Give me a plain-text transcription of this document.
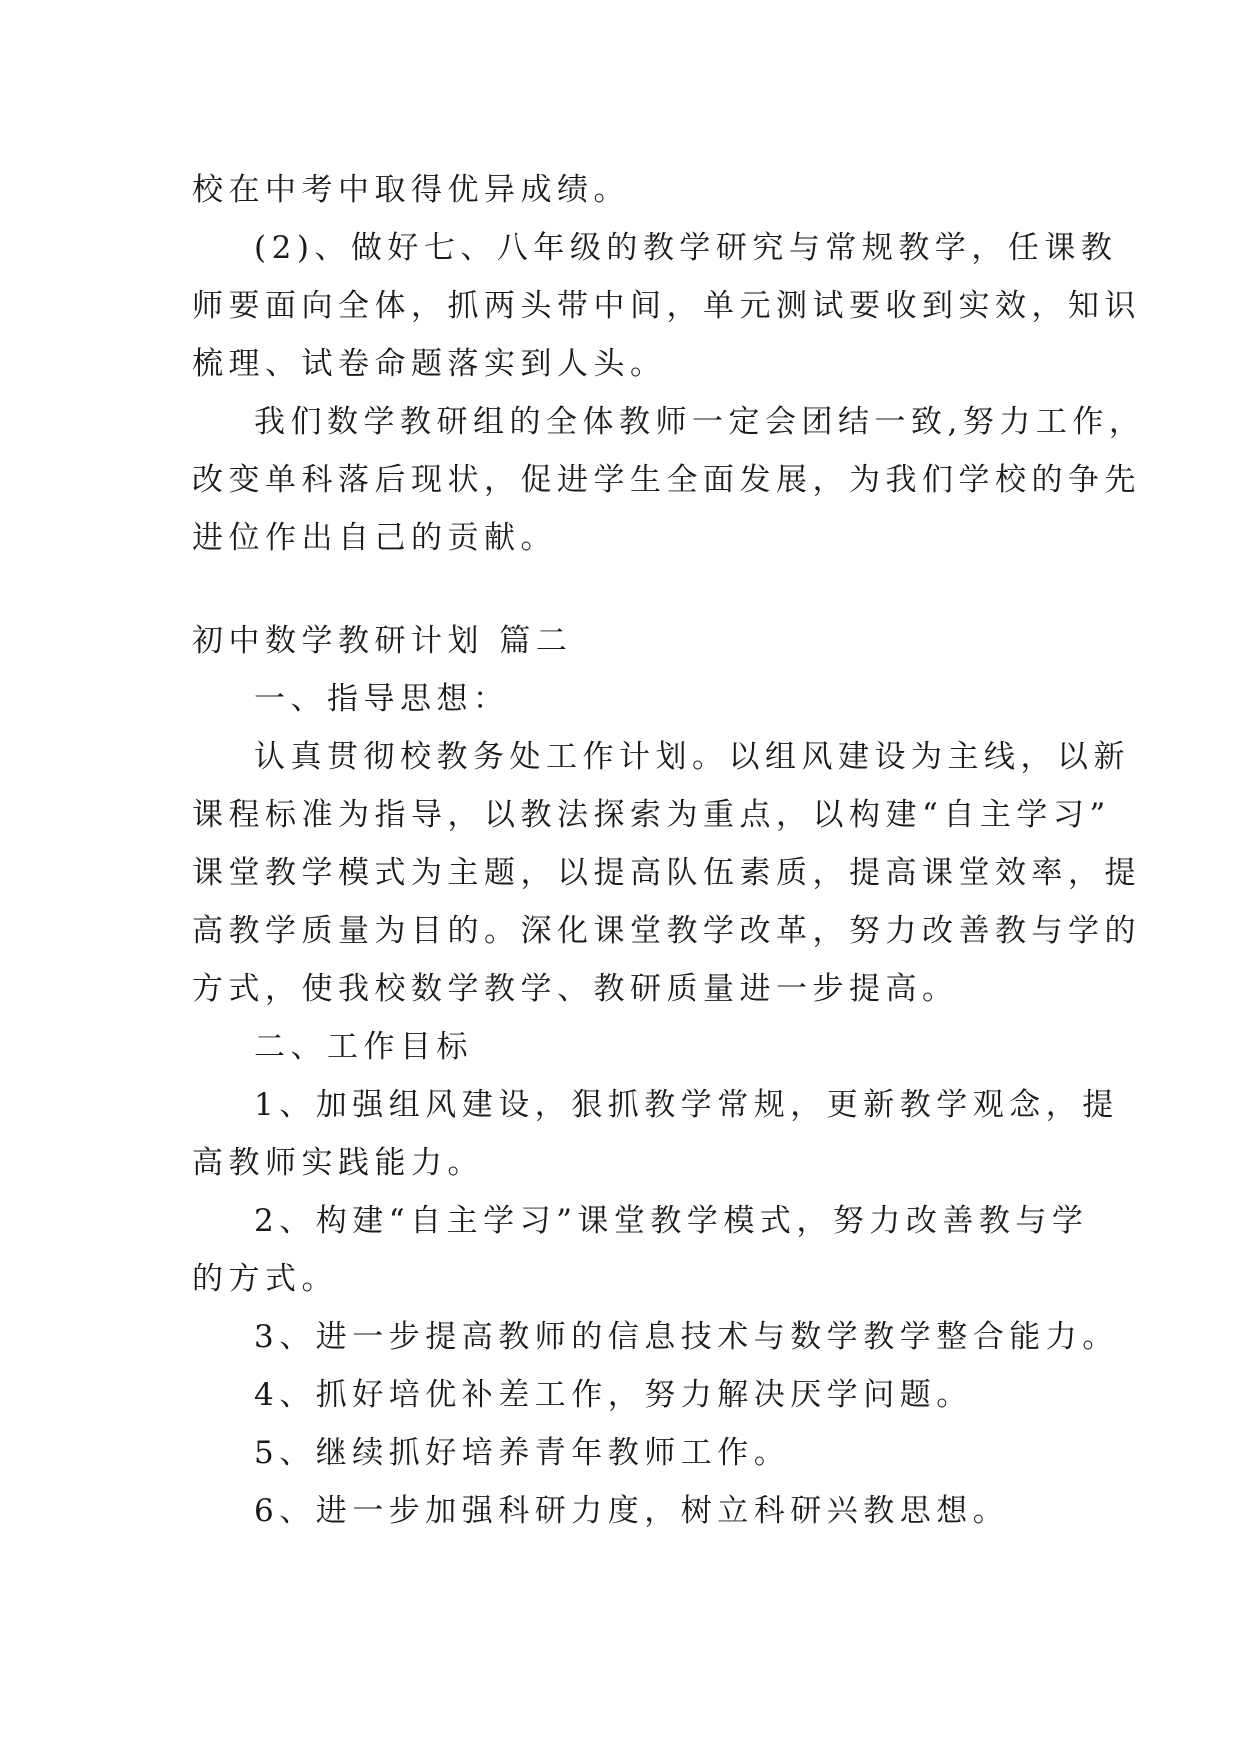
校在中考中取得优异成绩。
(2)、做好七、八年级的教学研究与常规教学，任课教
师要面向全体，抓两头带中间，单元测试要收到实效，知识
梳理、试卷命题落实到人头。
我们数学教研组的全体教师一定会团结一致,努力工作，
改变单科落后现状，促进学生全面发展，为我们学校的争先
进位作出自己的贡献。
初中数学教研计划 篇二
一、指导思想：
认真贯彻校教务处工作计划。以组风建设为主线，以新
课程标准为指导，以教法探索为重点，以构建“自主学习”
课堂教学模式为主题，以提高队伍素质，提高课堂效率，提
高教学质量为目的。深化课堂教学改革，努力改善教与学的
方式，使我校数学教学、教研质量进一步提高。
二、工作目标
1、加强组风建设，狠抓教学常规，更新教学观念，提
高教师实践能力。
2、构建“自主学习”课堂教学模式，努力改善教与学
的方式。
3、进一步提高教师的信息技术与数学教学整合能力。
4、抓好培优补差工作，努力解决厌学问题。
5、继续抓好培养青年教师工作。
6、进一步加强科研力度，树立科研兴教思想。
